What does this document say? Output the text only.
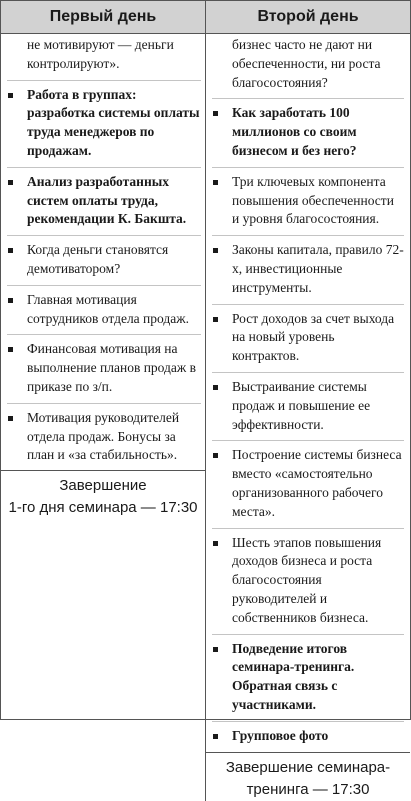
Первый день	Второй день
не мотивируют — деньги контролируют».
Работа в группах: разработка системы оплаты труда менеджеров по продажам.
Анализ разработанных систем оплаты труда, рекомендации К. Бакшта.
Когда деньги становятся демотиватором?
Главная мотивация сотрудников отдела продаж.
Финансовая мотивация на выполнение планов продаж в приказе по з/п.
Мотивация руководителей отдела продаж. Бонусы за план и «за стабильность».
Завершение
1-го дня семинара — 17:30
бизнес часто не дают ни обеспеченности, ни роста благосостояния?
Как заработать 100 миллионов со своим бизнесом и без него?
Три ключевых компонента повышения обеспеченности и уровня благосостояния.
Законы капитала, правило 72-х, инвестиционные инструменты.
Рост доходов за счет выхода на новый уровень контрактов.
Выстраивание системы продаж и повышение ее эффективности.
Построение системы бизнеса вместо «самостоятельно организованного рабочего места».
Шесть этапов повышения доходов бизнеса и роста благосостояния руководителей и собственников бизнеса.
Подведение итогов семинара-тренинга. Обратная связь с участниками.
Групповое фото
Завершение семинара-
тренинга — 17:30
